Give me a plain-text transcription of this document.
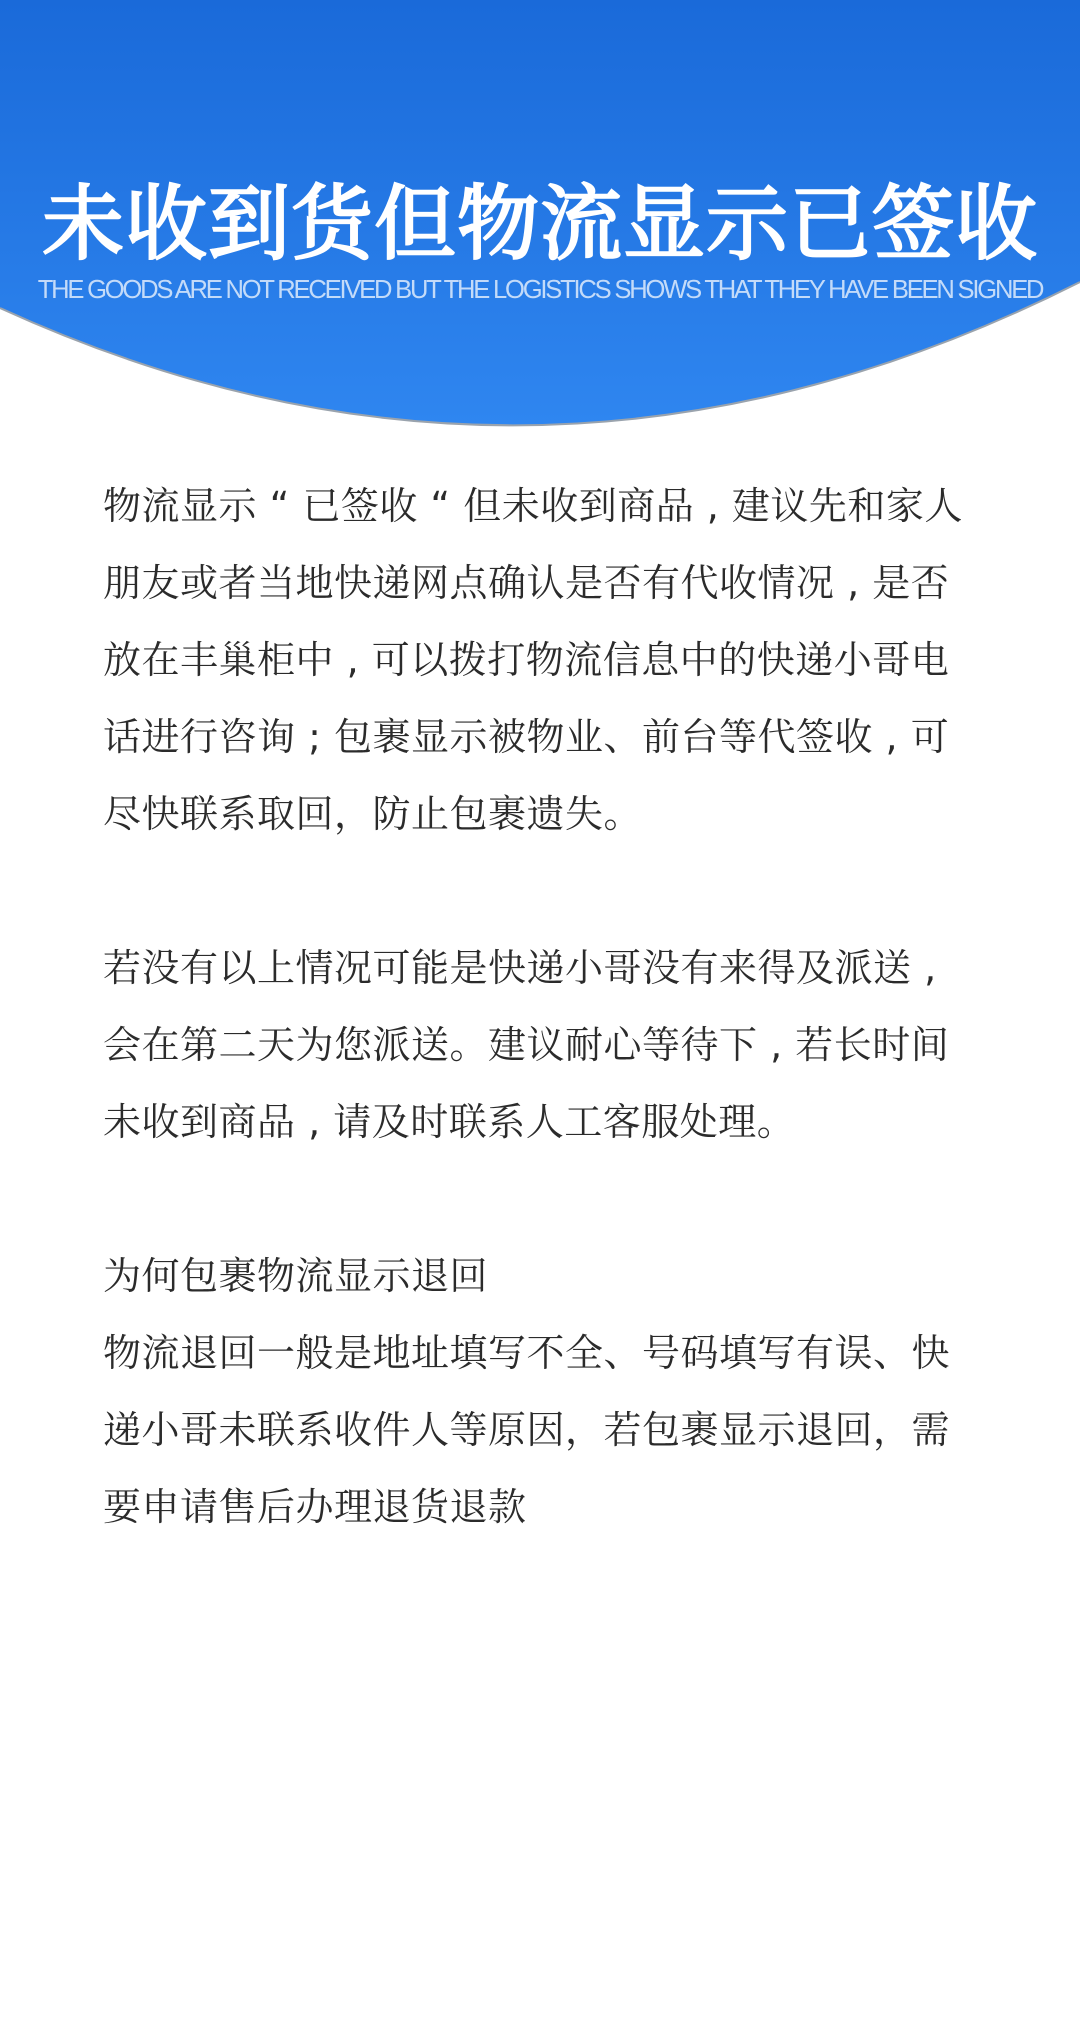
未收到货但物流显示已签收
THE GOODS ARE NOT RECEIVED BUT THE LOGISTICS SHOWS THAT THEY HAVE BEEN SIGNED

物流显示 “ 已签收 “ 但未收到商品 , 建议先和家人朋友或者当地快递网点确认是否有代收情况 , 是否放在丰巢柜中 , 可以拨打物流信息中的快递小哥电话进行咨询 ; 包裹显示被物业、前台等代签收 , 可尽快联系取回，防止包裹遗失。

若没有以上情况可能是快递小哥没有来得及派送 , 会在第二天为您派送。建议耐心等待下 , 若长时间未收到商品 , 请及时联系人工客服处理。

为何包裹物流显示退回

物流退回一般是地址填写不全、号码填写有误、快递小哥未联系收件人等原因，若包裹显示退回，需要申请售后办理退货退款
